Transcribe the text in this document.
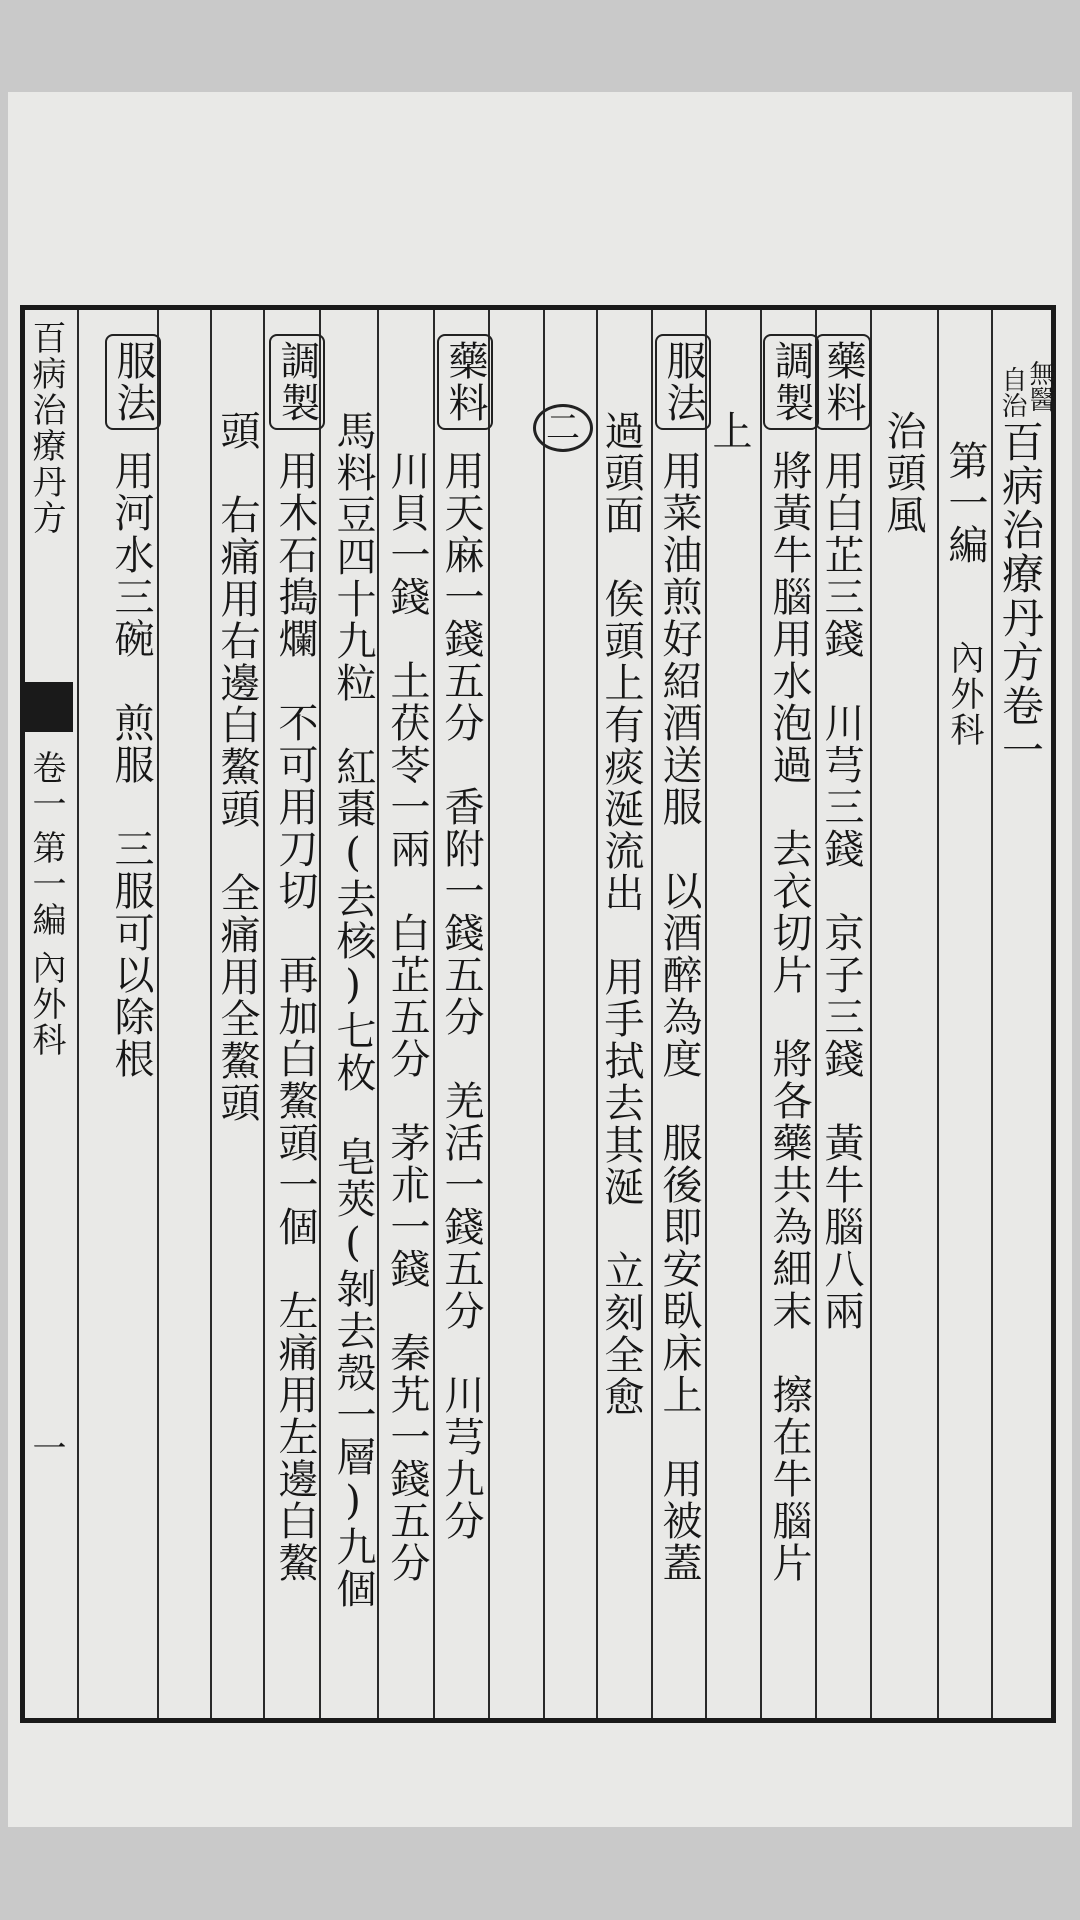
百病治療丹方
卷一
第一編
內外科
一
無醫
自治
百病治療丹方卷一
第一編
內外科
治頭風
藥料
用白芷三錢　川芎三錢　京子三錢　黃牛腦八兩
調製
將黃牛腦用水泡過　去衣切片　將各藥共為細末　擦在牛腦片
上
服法
用菜油煎好紹酒送服　以酒醉為度　服後即安臥床上　用被蓋
過頭面　俟頭上有痰涎流出　用手拭去其涎　立刻全愈
二
藥料
用天麻一錢五分　香附一錢五分　羌活一錢五分　川芎九分
川貝一錢　土茯苓一兩　白芷五分　茅朮一錢　秦艽一錢五分
馬料豆四十九粒　紅棗(去核)七枚　皂莢(剝去殼一層)九個
調製
用木石搗爛　不可用刀切　再加白鰲頭一個　左痛用左邊白鰲
頭　右痛用右邊白鰲頭　全痛用全鰲頭
服法
用河水三碗　煎服　三服可以除根
